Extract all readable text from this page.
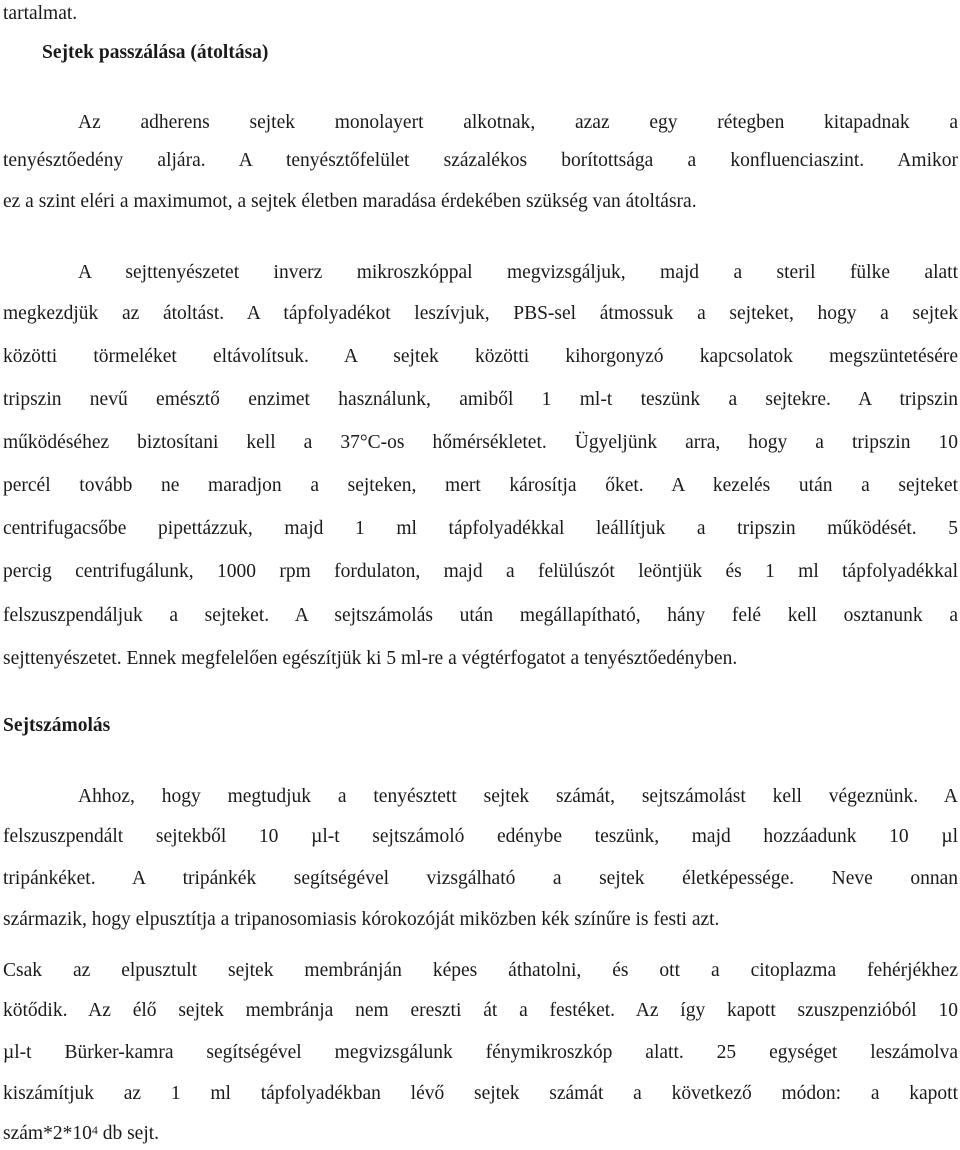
tartalmat.
Sejtek passzálása (átoltása)
Az adherens sejtek monolayert alkotnak, azaz egy rétegben kitapadnak a
tenyésztőedény aljára. A tenyésztőfelület százalékos borítottsága a konfluenciaszint. Amikor
ez a szint eléri a maximumot, a sejtek életben maradása érdekében szükség van átoltásra.
A sejttenyészetet inverz mikroszkóppal megvizsgáljuk, majd a steril fülke alatt
megkezdjük az átoltást. A tápfolyadékot leszívjuk, PBS-sel átmossuk a sejteket, hogy a sejtek
közötti törmeléket eltávolítsuk. A sejtek közötti kihorgonyzó kapcsolatok megszüntetésére
tripszin nevű emésztő enzimet használunk, amiből 1 ml-t teszünk a sejtekre. A tripszin
működéséhez biztosítani kell a 37°C-os hőmérsékletet. Ügyeljünk arra, hogy a tripszin 10
percél tovább ne maradjon a sejteken, mert károsítja őket. A kezelés után a sejteket
centrifugacsőbe pipettázzuk, majd 1 ml tápfolyadékkal leállítjuk a tripszin működését. 5
percig centrifugálunk, 1000 rpm fordulaton, majd a felülúszót leöntjük és 1 ml tápfolyadékkal
felszuszpendáljuk a sejteket. A sejtszámolás után megállapítható, hány felé kell osztanunk a
sejttenyészetet. Ennek megfelelően egészítjük ki 5 ml-re a végtérfogatot a tenyésztőedényben.
Sejtszámolás
Ahhoz, hogy megtudjuk a tenyésztett sejtek számát, sejtszámolást kell végeznünk. A
felszuszpendált sejtekből 10 µl-t sejtszámoló edénybe teszünk, majd hozzáadunk 10 µl
tripánkéket. A tripánkék segítségével vizsgálható a sejtek életképessége. Neve onnan
származik, hogy elpusztítja a tripanosomiasis kórokozóját miközben kék színűre is festi azt.
Csak az elpusztult sejtek membránján képes áthatolni, és ott a citoplazma fehérjékhez
kötődik. Az élő sejtek membránja nem ereszti át a festéket. Az így kapott szuszpenzióból 10
µl-t Bürker-kamra segítségével megvizsgálunk fénymikroszkóp alatt. 25 egységet leszámolva
kiszámítjuk az 1 ml tápfolyadékban lévő sejtek számát a következő módon: a kapott
$szám*2*10^4$ db sejt.
